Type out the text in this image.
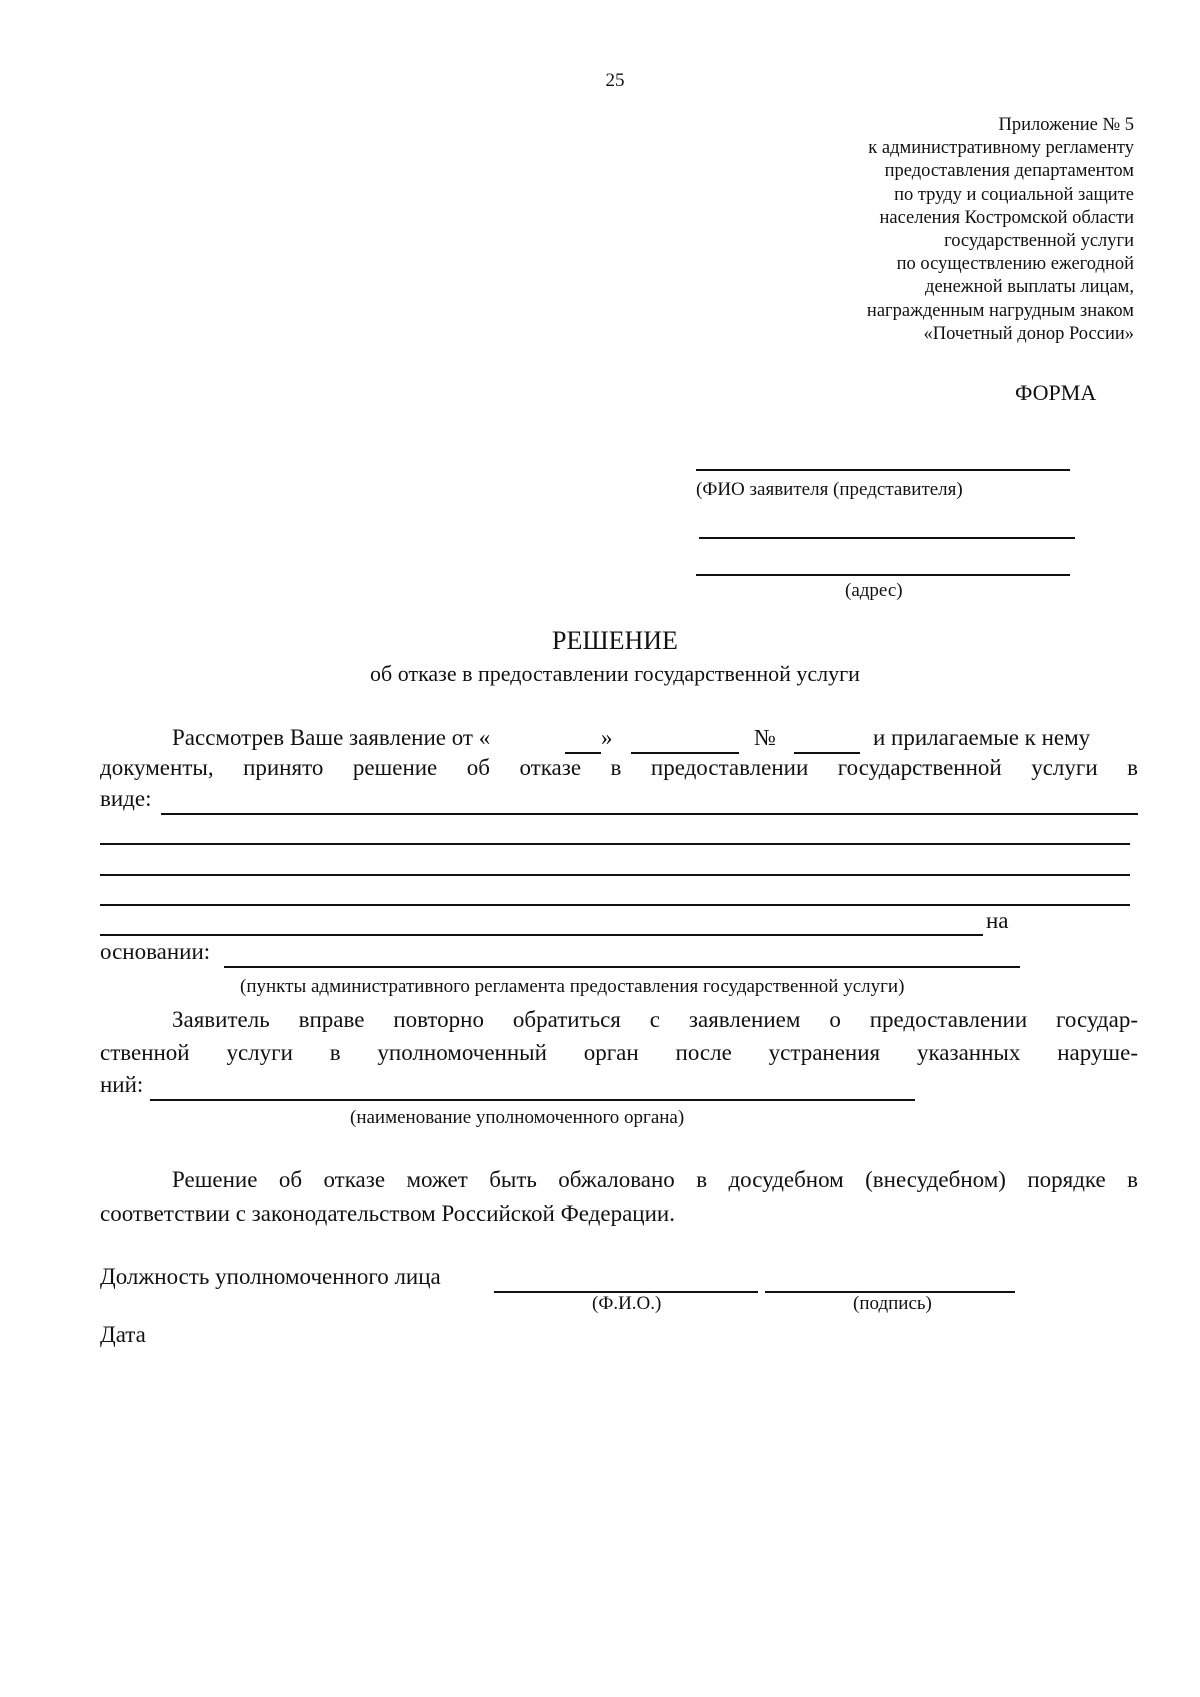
25
Приложение № 5
к административному регламенту
предоставления департаментом
по труду и социальной защите
населения Костромской области
государственной услуги
по осуществлению ежегодной
денежной выплаты лицам,
награжденным нагрудным знаком
«Почетный донор России»
ФОРМА
(ФИО заявителя (представителя)
(адрес)
РЕШЕНИЕ
об отказе в предоставлении государственной услуги
Рассмотрев Ваше заявление от «	»	№	и прилагаемые к нему
документы, принято решение об отказе в предоставлении государственной услуги в
виде:
на
основании:
(пункты административного регламента предоставления государственной услуги)
Заявитель вправе повторно обратиться с заявлением о предоставлении государ-
ственной услуги в уполномоченный орган после устранения указанных наруше-
ний:
(наименование уполномоченного органа)
Решение об отказе может быть обжаловано в досудебном (внесудебном) порядке в
соответствии с законодательством Российской Федерации.
Должность уполномоченного лица
(Ф.И.О.)	(подпись)
Дата
